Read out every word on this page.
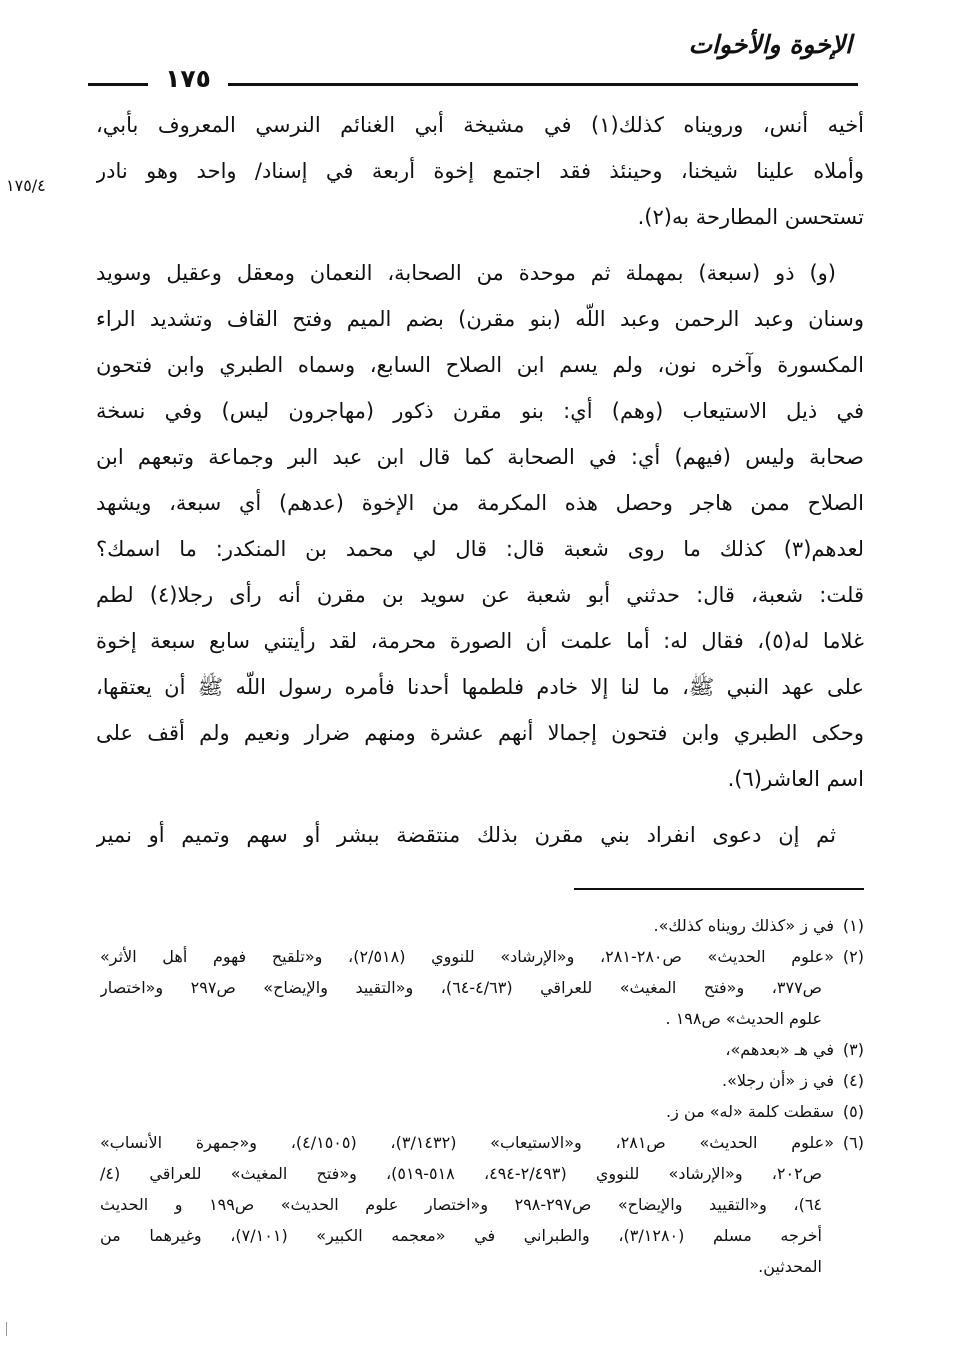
الإخوة والأخوات
١٧٥
١٧٥/٤
أخيه أنس، ورويناه كذلك(١) في مشيخة أبي الغنائم النرسي المعروف بأبي،
وأملاه علينا شيخنا، وحينئذ فقد اجتمع إخوة أربعة في إسناد/ واحد وهو نادر
تستحسن المطارحة به(٢).
(و) ذو (سبعة) بمهملة ثم موحدة من الصحابة، النعمان ومعقل وعقيل وسويد
وسنان وعبد الرحمن وعبد اللّه (بنو مقرن) بضم الميم وفتح القاف وتشديد الراء
المكسورة وآخره نون، ولم يسم ابن الصلاح السابع، وسماه الطبري وابن فتحون
في ذيل الاستيعاب (وهم) أي: بنو مقرن ذكور (مهاجرون ليس) وفي نسخة
صحابة وليس (فيهم) أي: في الصحابة كما قال ابن عبد البر وجماعة وتبعهم ابن
الصلاح ممن هاجر وحصل هذه المكرمة من الإخوة (عدهم) أي سبعة، ويشهد
لعدهم(٣) كذلك ما روى شعبة قال: قال لي محمد بن المنكدر: ما اسمك؟
قلت: شعبة، قال: حدثني أبو شعبة عن سويد بن مقرن أنه رأى رجلا(٤) لطم
غلاما له(٥)، فقال له: أما علمت أن الصورة محرمة، لقد رأيتني سابع سبعة إخوة
على عهد النبي ﷺ، ما لنا إلا خادم فلطمها أحدنا فأمره رسول اللّه ﷺ أن يعتقها،
وحكى الطبري وابن فتحون إجمالا أنهم عشرة ومنهم ضرار ونعيم ولم أقف على
اسم العاشر(٦).
ثم إن دعوى انفراد بني مقرن بذلك منتقضة ببشر أو سهم وتميم أو نمير
(١)
في ز «كذلك رويناه كذلك».
(٢)
«علوم الحديث» ص٢٨٠-٢٨١، و«الإرشاد» للنووي (٢/٥١٨)، و«تلقيح فهوم أهل الأثر»
ص٣٧٧، و«فتح المغيث» للعراقي (٤/٦٣-٦٤)، و«التقييد والإيضاح» ص٢٩٧ و«اختصار
علوم الحديث» ص١٩٨ .
(٣)
في هـ «بعدهم»،
(٤)
في ز «أن رجلا».
(٥)
سقطت كلمة «له» من ز.
(٦)
«علوم الحديث» ص٢٨١، و«الاستيعاب» (٣/١٤٣٢)، (٤/١٥٠٥)، و«جمهرة الأنساب»
ص٢٠٢، و«الإرشاد» للنووي (٢/٤٩٣-٤٩٤، ٥١٨-٥١٩)، و«فتح المغيث» للعراقي (٤/
٦٤)، و«التقييد والإيضاح» ص٢٩٧-٢٩٨ و«اختصار علوم الحديث» ص١٩٩ و الحديث
أخرجه مسلم (٣/١٢٨٠)، والطبراني في «معجمه الكبير» (٧/١٠١)، وغيرهما من
المحدثين.
